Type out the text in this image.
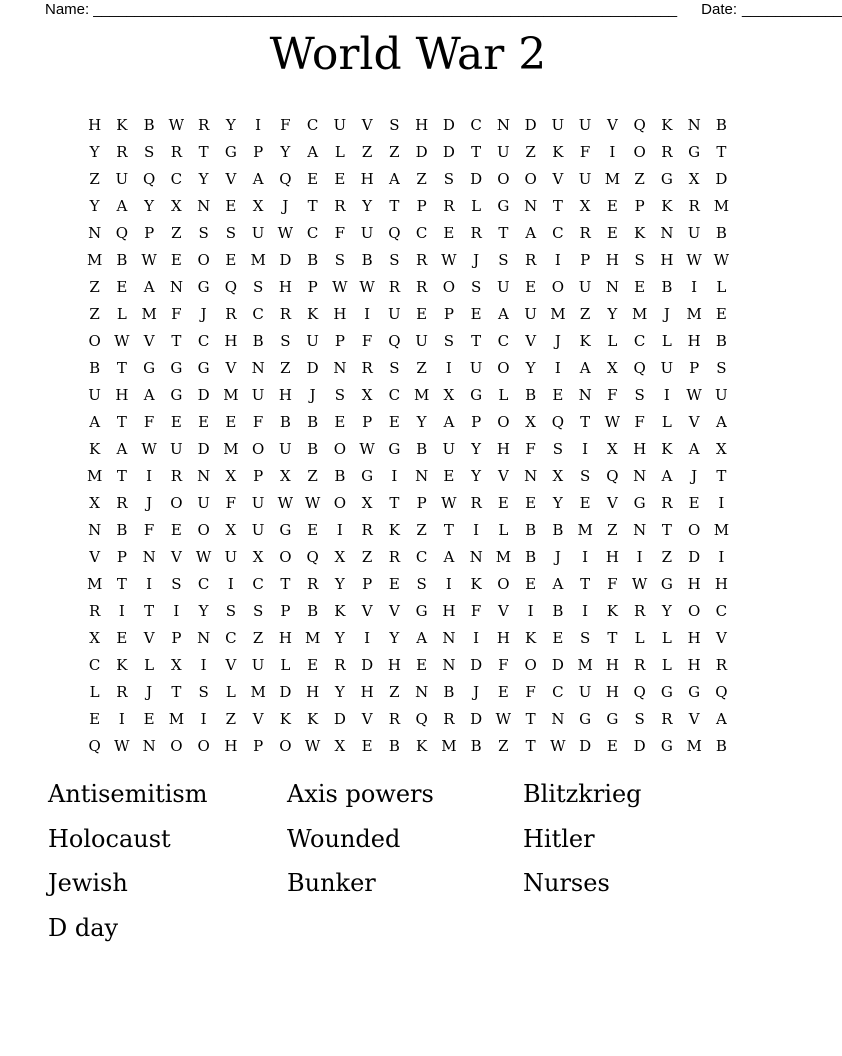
Name: ______________________________________________________________________ Date: ____________
World War 2
H	K	B W R	Y	I	F	C	U	V	S	H D	C N D U U	V	Q	K	N	B
Y	R	S	R	T	G	P	Y	A	L	Z	Z	D	D	T	U	Z	K	F	I	O	R	G	T
Z	U Q	C	Y	V	A	Q	E	E	H	A	Z	S	D	O O	V	U M Z	G	X	D
Y	A	Y	X	N	E	X	J	T	R	Y	T	P	R	L	G N	T	X	E	P	K	R M
N Q	P	Z	S	S	U W C	F	U Q	C	E	R	T	A	C	R	E	K	N U	B
M B W E	O	E M D	B	S	B	S	R W	J	S	R	I	P	H	S	H W W
Z	E	A	N G	Q	S	H	P W W R	R	O	S	U	E	O U N	E	B	I	L
Z	L M F	J	R	C	R	K	H	I	U	E	P	E	A	U M Z	Y M	J	M E
O W V	T	C H	B	S	U	P	F	Q U	S	T	C	V	J	K	L	C	L	H	B
B	T	G	G	G	V	N	Z	D N	R	S	Z	I	U O	Y	I	A	X	Q U	P	S
U H	A	G	D M U H	J	S	X	C M X	G	L	B	E	N	F	S	I	W U
A	T	F	E	E	E	F	B	B	E	P	E	Y	A	P	O	X	Q	T W F	L	V	A
K	A W U D M O U	B	O W G	B	U	Y	H	F	S	I	X	H	K	A	X
M T	I	R	N	X	P	X	Z	B	G	I	N	E	Y	V	N	X	S	Q N	A	J	T
X	R	J	O U	F	U W W O	X	T	P W R	E	E	Y	E	V	G	R	E	I
N	B	F	E	O	X	U G	E	I	R	K	Z	T	I	L	B	B M Z	N	T	O M
V	P	N	V W U	X	O Q	X	Z	R	C	A	N M B	J	I	H	I	Z	D	I
M T	I	S	C	I	C	T	R	Y	P	E	S	I	K	O	E	A	T	F W G H H
R	I	T	I	Y	S	S	P	B	K	V	V	G H	F	V	I	B	I	K	R	Y	O	C
X	E	V	P	N C	Z	H M Y	I	Y	A	N	I	H	K	E	S	T	L	L	H	V
C	K	L	X	I	V	U	L	E	R	D H	E	N D	F	O	D M H	R	L	H	R
L	R	J	T	S	L M D H	Y	H	Z	N	B	J	E	F	C	U H Q	G	G	Q
E	I	E M	I	Z	V	K	K	D	V	R	Q	R	D W T	N G	G	S	R	V	A
Q W N O O H	P	O W X	E	B	K M B	Z	T W D	E	D	G M B
Antisemitism	Axis powers	Blitzkrieg
Holocaust	Wounded	Hitler
Jewish	Bunker	Nurses
D day
